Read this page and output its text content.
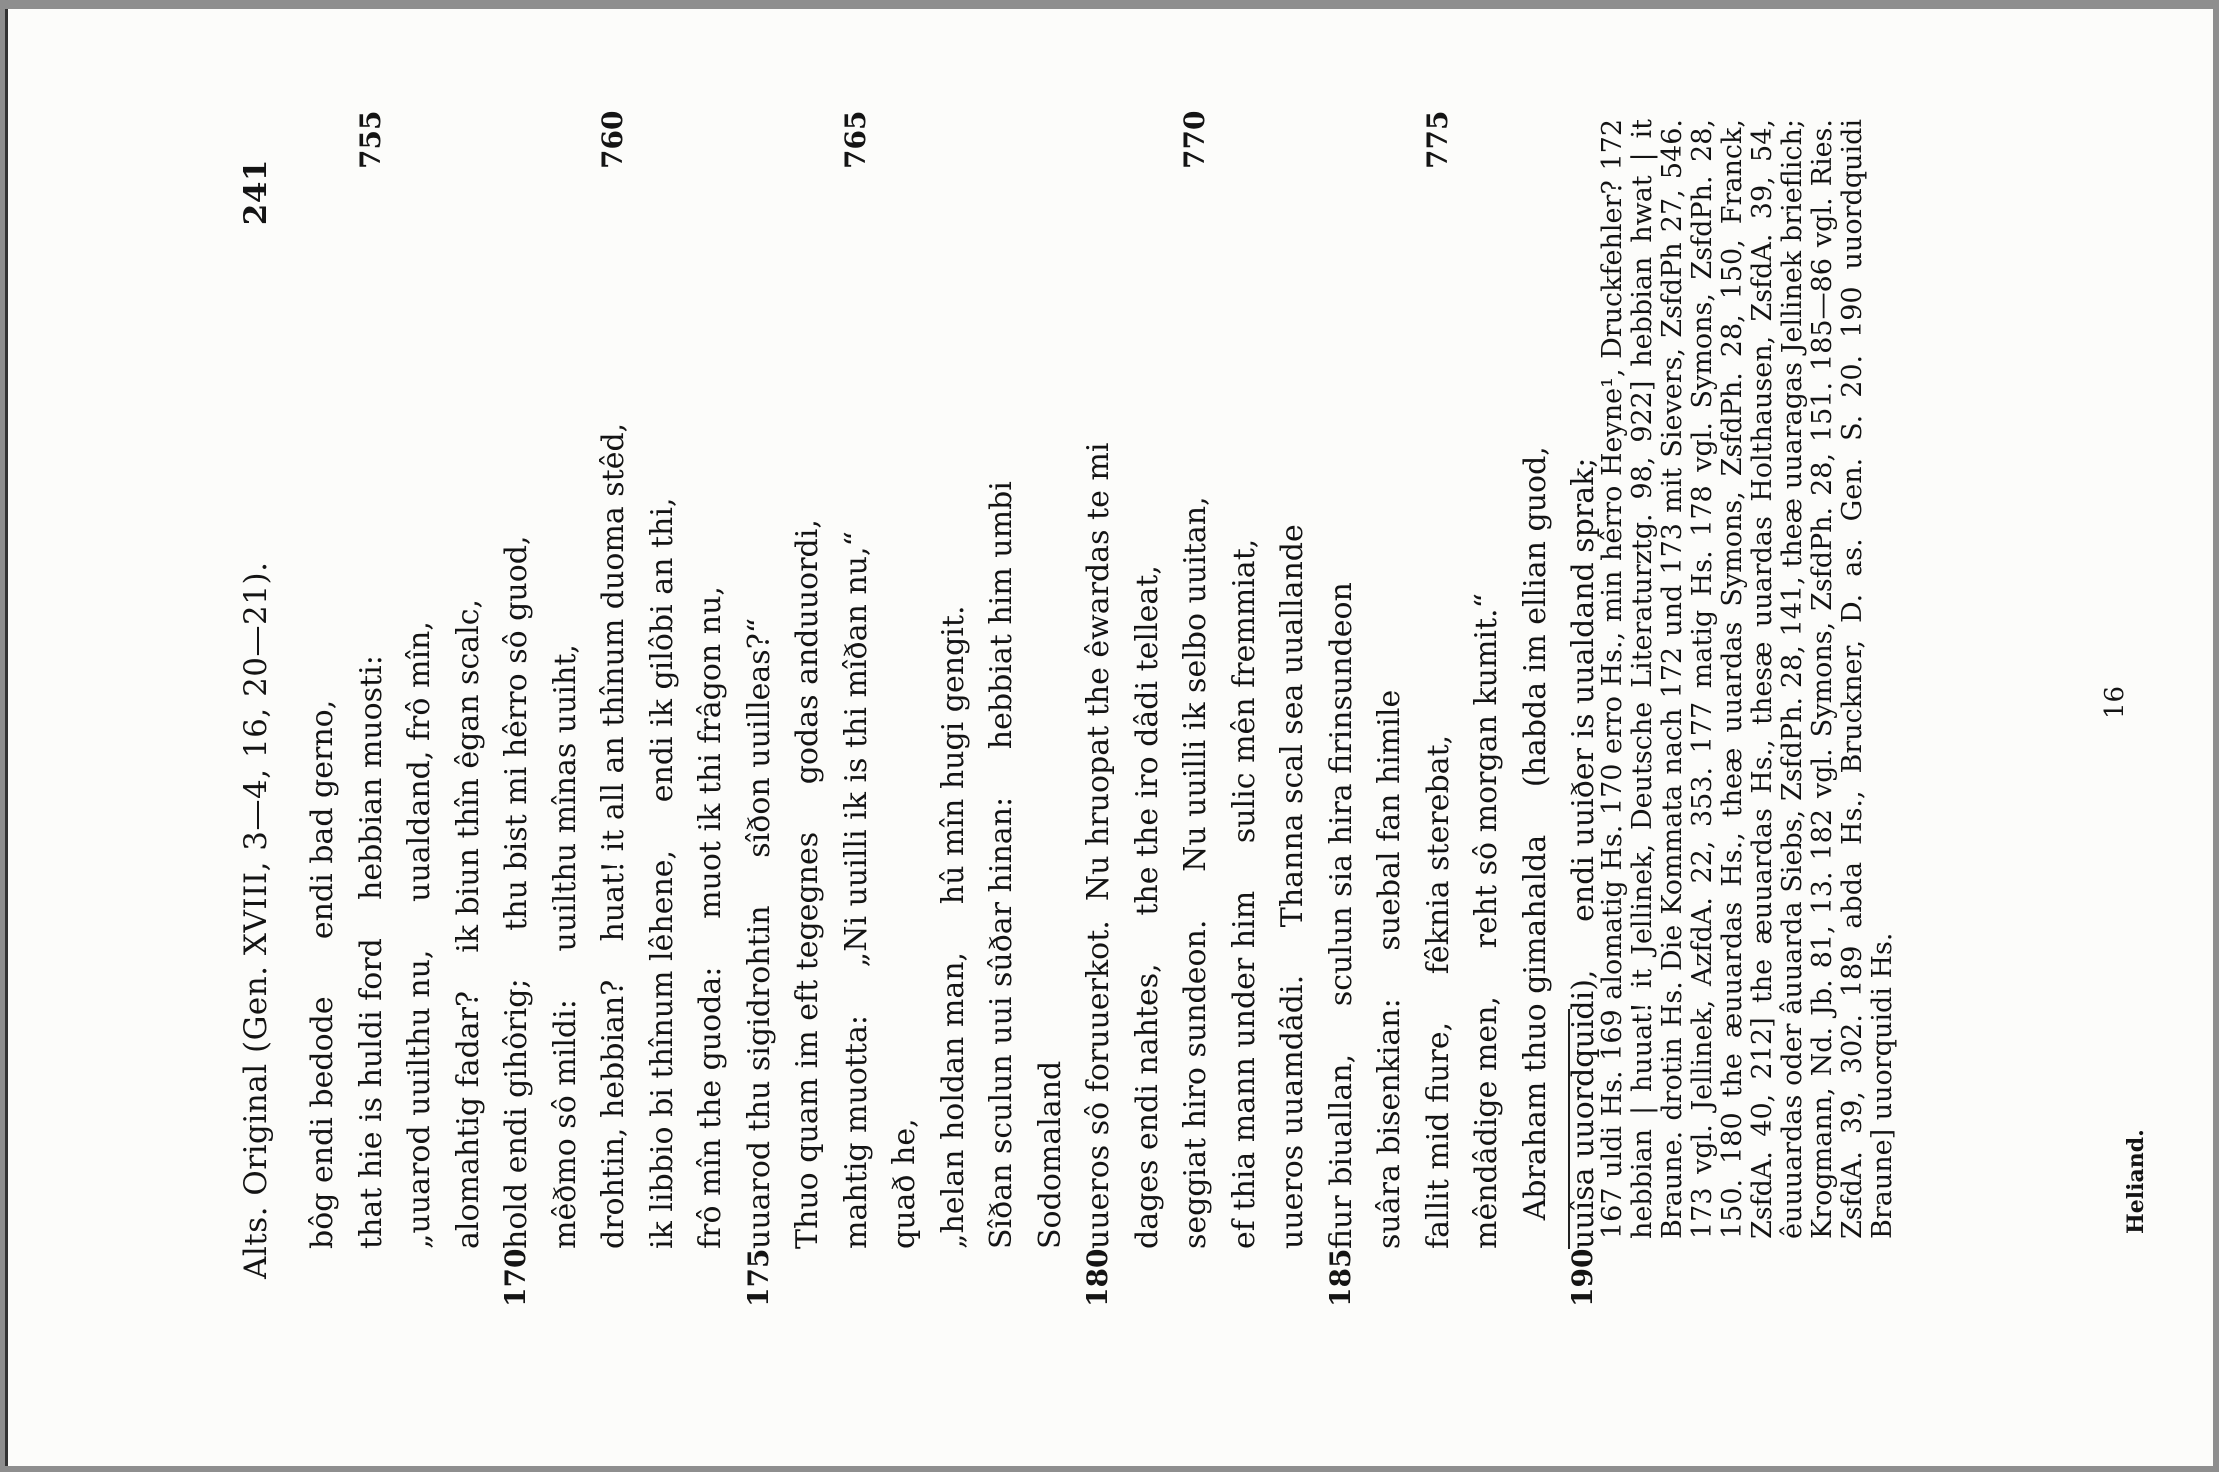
Alts. Original (Gen. XVIII, 3—4, 16, 20—21).
241
bôg endi bedode      endi bad gerno, that hie is huldi ford    hebbian muosti:
755
„uuarod uuilthu nu,     uualdand, frô mîn, alomahtig fadar?    ik biun thîn êgan scalc,
170
hold endi gihôrig;     thu bist mi hêrro sô guod, mêðmo sô mildi:     uuilthu mînas uuiht, drohtin, hebbian?    huat! it all an thînum duoma stêd,
760
ik libbio bi thînum lêhene,     endi ik gilôbi an thi, frô mîn the guoda:     muot ik thi frâgon nu,
175
uuarod thu sigidrohtin     sîðon uuilleas?“ Thuo quam im eft tegegnes     godas anduuordi, mahtig muotta:     „Ni uuilli ik is thi mîðan nu,“
765
quað he, „helan holdan man,     hû mîn hugi gengit. Sîðan sculun uui sûðar hinan:     hebbiat him umbi Sodomaland
180
uueros sô foruuerkot.  Nu hruopat the êwardas te mi dages endi nahtes,     the the iro dâdi telleat, seggiat hiro sundeon.     Nu uuilli ik selbo uuitan,
770
ef thia mann under him     sulic mên fremmiat, uueros uuamdâdi.     Thanna scal sea uuallande
185
fiur biuallan,     sculun sia hira firinsundeon suâra bisenkian:     suebal fan himile fallit mid fiure,     fêknia sterebat,
775
mêndâdige men,     reht sô morgan kumit.“ Abraham thuo gimahalda     (habda im ellian guod,
190
uuîsa uuordquidi),     endi uuiðer is uualdand sprak;
167 uldi Hs. 169 alomatig Hs. 170 erro Hs., min hêrro Heyne¹, Druckfehler? 172 hebbian | huuat! it Jellinek, Deutsche Literaturztg. 98, 922] hebbian hwat | it Braune. drotin Hs. Die Kommata nach 172 und 173 mit Sievers, ZsfdPh 27, 546. 173 vgl. Jellinek, AzfdA. 22, 353. 177 matig Hs. 178 vgl. Symons, ZsfdPh. 28, 150. 180 the æuuardas Hs., theæ uuardas Symons, ZsfdPh. 28, 150, Franck, ZsfdA. 40, 212] the æuuardas Hs., thesæ uuardas Holthausen, ZsfdA. 39, 54, êuuuardas oder âuuarda Siebs, ZsfdPh. 28, 141, theæ uuaragas Jellinek brieflich; Krogmann, Nd. Jb. 81, 13. 182 vgl. Symons, ZsfdPh. 28, 151. 185—86 vgl. Ries. ZsfdA. 39, 302. 189 abda Hs., Bruckner, D. as. Gen. S. 20. 190 uuordquidi Braune] uuorquidi Hs.	Heliand.
16
